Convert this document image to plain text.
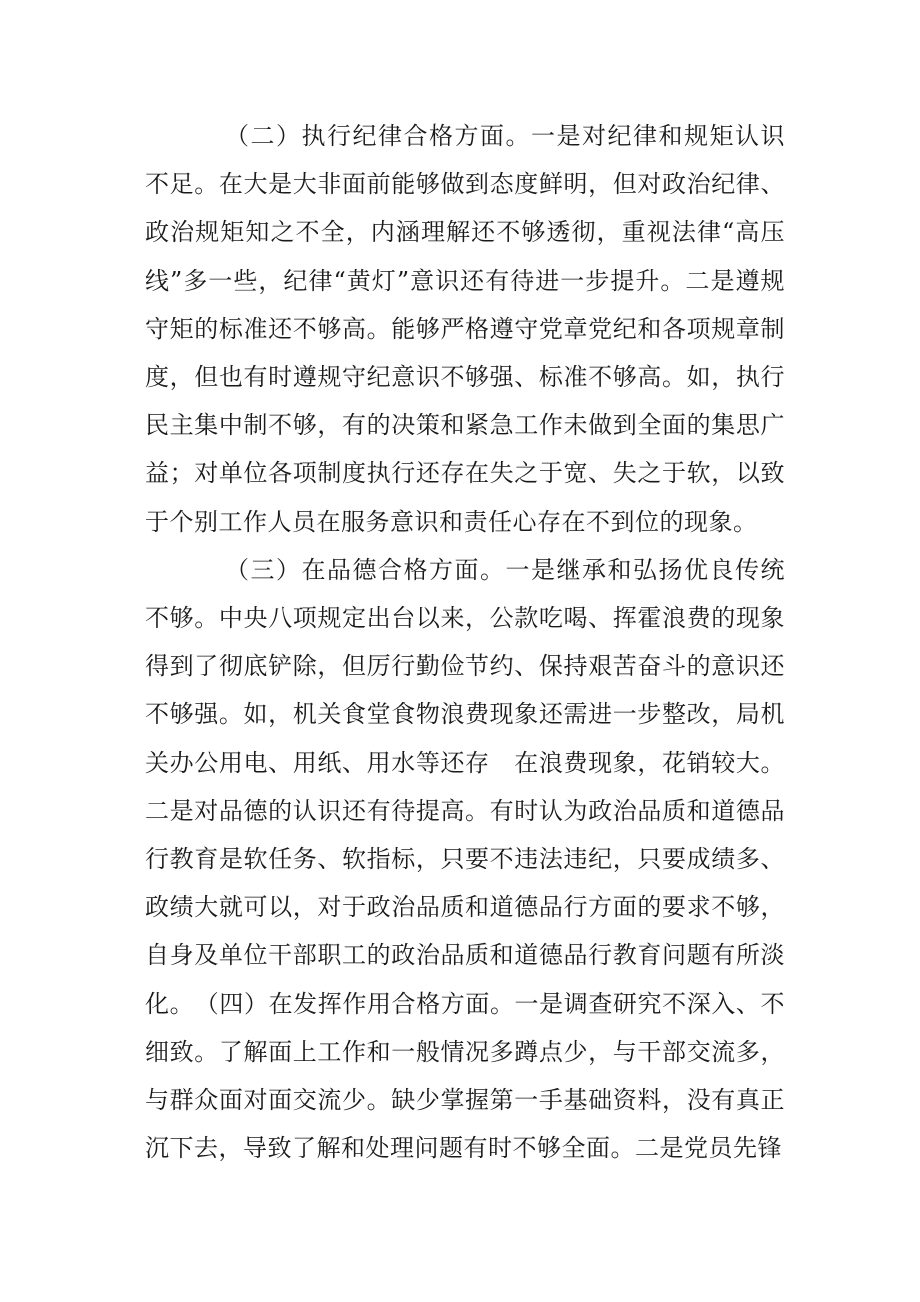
（二）执行纪律合格方面。一是对纪律和规矩认识不足。在大是大非面前能够做到态度鲜明，但对政治纪律、政治规矩知之不全，内涵理解还不够透彻，重视法律“高压线”多一些，纪律“黄灯”意识还有待进一步提升。二是遵规守矩的标准还不够高。能够严格遵守党章党纪和各项规章制度，但也有时遵规守纪意识不够强、标准不够高。如，执行民主集中制不够，有的决策和紧急工作未做到全面的集思广益；对单位各项制度执行还存在失之于宽、失之于软，以致于个别工作人员在服务意识和责任心存在不到位的现象。

（三）在品德合格方面。一是继承和弘扬优良传统不够。中央八项规定出台以来，公款吃喝、挥霍浪费的现象得到了彻底铲除，但厉行勤俭节约、保持艰苦奋斗的意识还不够强。如，机关食堂食物浪费现象还需进一步整改，局机关办公用电、用纸、用水等还存　在浪费现象，花销较大。二是对品德的认识还有待提高。有时认为政治品质和道德品行教育是软任务、软指标，只要不违法违纪，只要成绩多、政绩大就可以，对于政治品质和道德品行方面的要求不够，自身及单位干部职工的政治品质和道德品行教育问题有所淡化。　（四）在发挥作用合格方面。一是调查研究不深入、不细致。了解面上工作和一般情况多蹲点少，与干部交流多，与群众面对面交流少。缺少掌握第一手基础资料，没有真正沉下去，导致了解和处理问题有时不够全面。二是党员先锋
